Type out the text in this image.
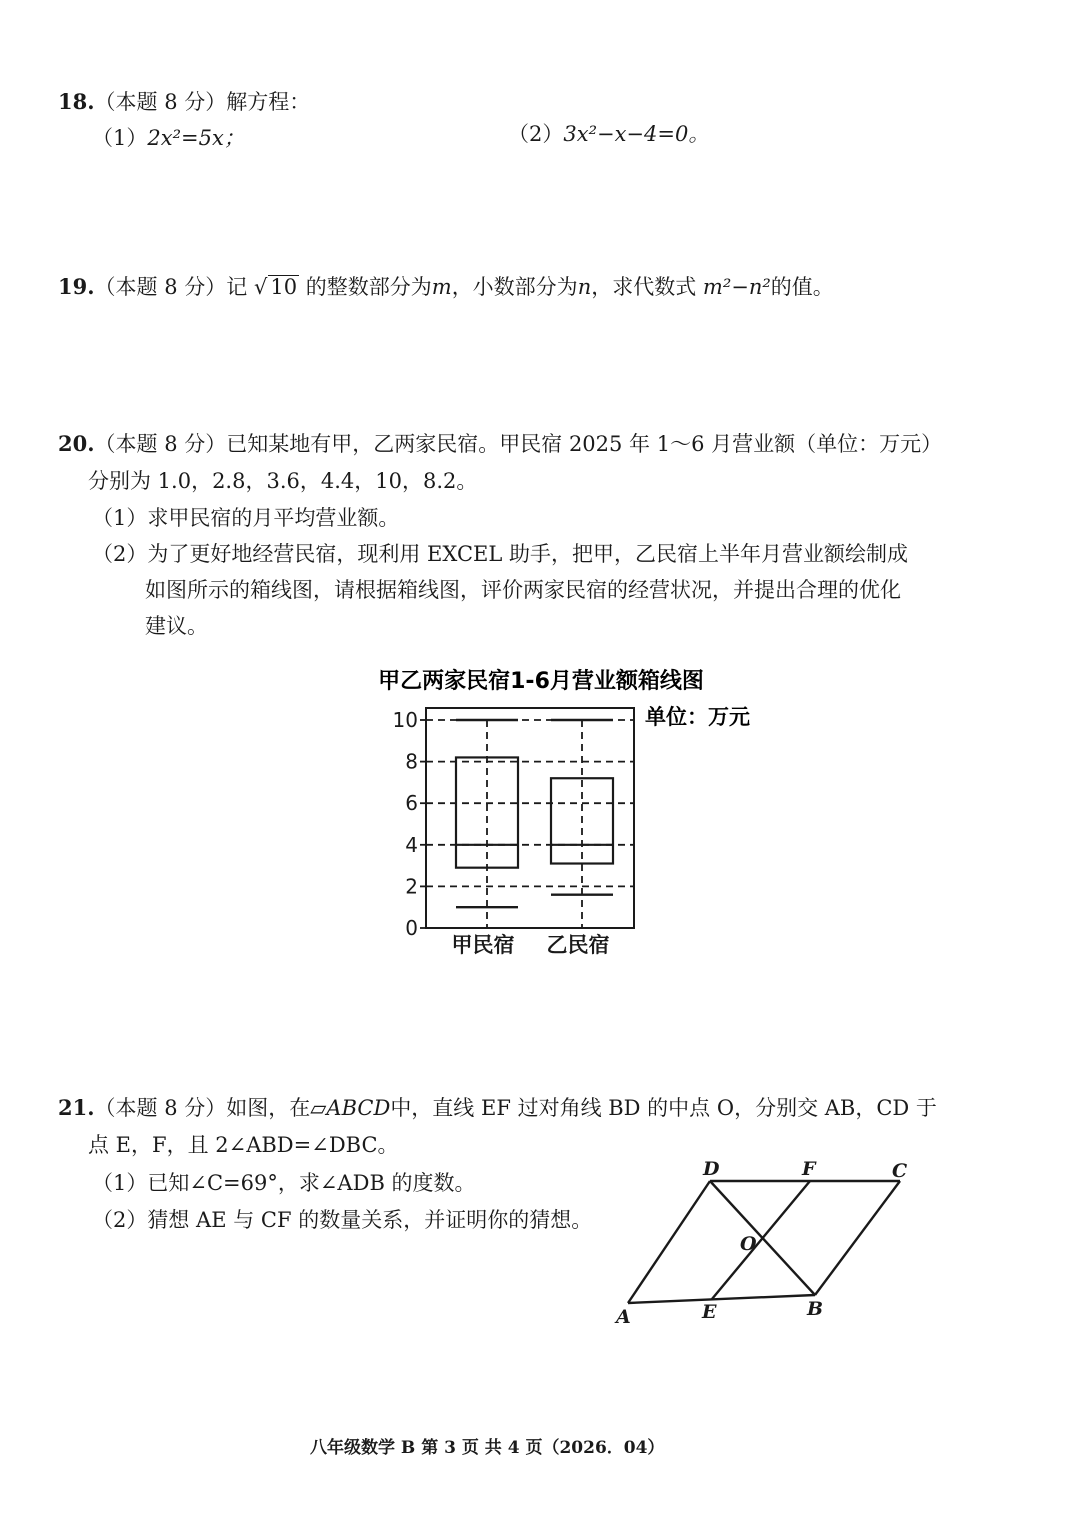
18.（本题 8 分）解方程：
（1）2x²=5x；	（2）3x²−x−4=0。
19.（本题 8 分）记 √ 10 的整数部分为m，小数部分为n，求代数式 m²−n²的值。
20.（本题 8 分）已知某地有甲，乙两家民宿。甲民宿 2025 年 1～6 月营业额（单位：万元）
分别为 1.0，2.8，3.6，4.4，10，8.2。
（1）求甲民宿的月平均营业额。
（2）为了更好地经营民宿，现利用 EXCEL 助手，把甲，乙民宿上半年月营业额绘制成
如图所示的箱线图，请根据箱线图，评价两家民宿的经营状况，并提出合理的优化
建议。
甲乙两家民宿1-6月营业额箱线图
单位：万元
0
2
4
6
8
10
甲民宿 乙民宿
21.（本题 8 分）如图，在▱ABCD中，直线 EF 过对角线 BD 的中点 O，分别交 AB，CD 于
点 E，F，且 2∠ABD=∠DBC。
（1）已知∠C=69°，求∠ADB 的度数。
（2）猜想 AE 与 CF 的数量关系，并证明你的猜想。
D	F	C
O
A	E	B
八年级数学 B 第 3 页 共 4 页（2026．04）
